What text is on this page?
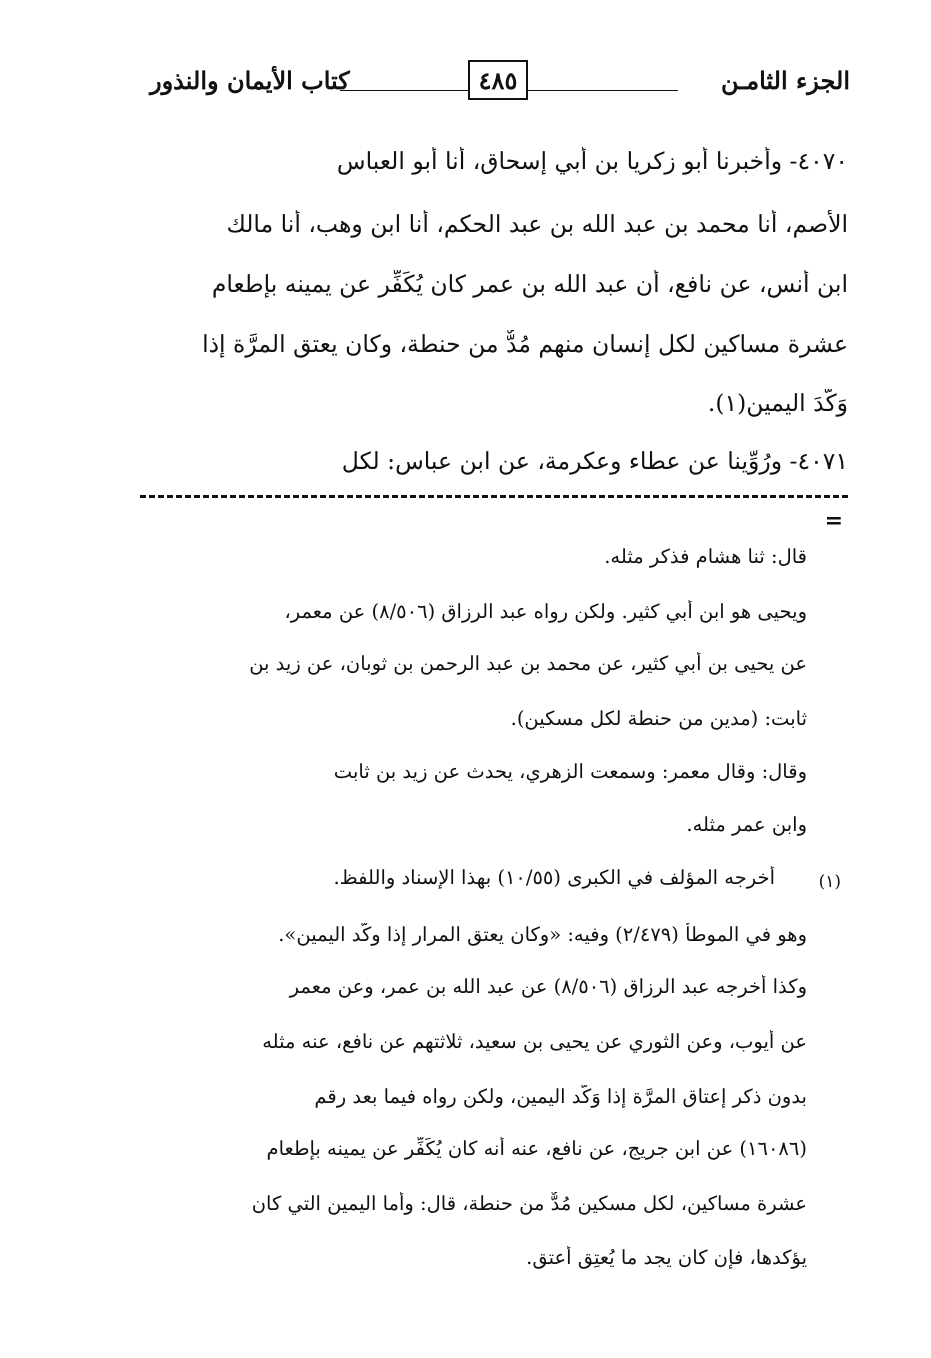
الجزء الثامـن
٤٨٥
كتاب الأيمان والنذور
٤٠٧٠- وأخبرنا أبو زكريا بن أبي إسحاق، أنا أبو العباس
الأصم، أنا محمد بن عبد الله بن عبد الحكم، أنا ابن وهب، أنا مالك
ابن أنس، عن نافع، أن عبد الله بن عمر كان يُكَفِّر عن يمينه بإطعام
عشرة مساكين لكل إنسان منهم مُدٌّ من حنطة، وكان يعتق المرَّة إذا
وَكَّدَ اليمين(١).
٤٠٧١- ورُوِّينا عن عطاء وعكرمة، عن ابن عباس: لكل
=
قال: ثنا هشام فذكر مثله.
ويحيى هو ابن أبي كثير. ولكن رواه عبد الرزاق (٨/٥٠٦) عن معمر،
عن يحيى بن أبي كثير، عن محمد بن عبد الرحمن بن ثوبان، عن زيد بن
ثابت: (مدين من حنطة لكل مسكين).
وقال: وقال معمر: وسمعت الزهري، يحدث عن زيد بن ثابت
وابن عمر مثله.
(١)
أخرجه المؤلف في الكبرى (١٠/٥٥) بهذا الإسناد واللفظ.
وهو في الموطأ (٢/٤٧٩) وفيه: «وكان يعتق المرار إذا وكَّد اليمين».
وكذا أخرجه عبد الرزاق (٨/٥٠٦) عن عبد الله بن عمر، وعن معمر
عن أيوب، وعن الثوري عن يحيى بن سعيد، ثلاثتهم عن نافع، عنه مثله
بدون ذكر إعتاق المرَّة إذا وَكَّد اليمين، ولكن رواه فيما بعد رقم
(١٦٠٨٦) عن ابن جريج، عن نافع، عنه أنه كان يُكَفِّر عن يمينه بإطعام
عشرة مساكين، لكل مسكين مُدٌّ من حنطة، قال: وأما اليمين التي كان
يؤكدها، فإن كان يجد ما يُعتِق أعتق.
